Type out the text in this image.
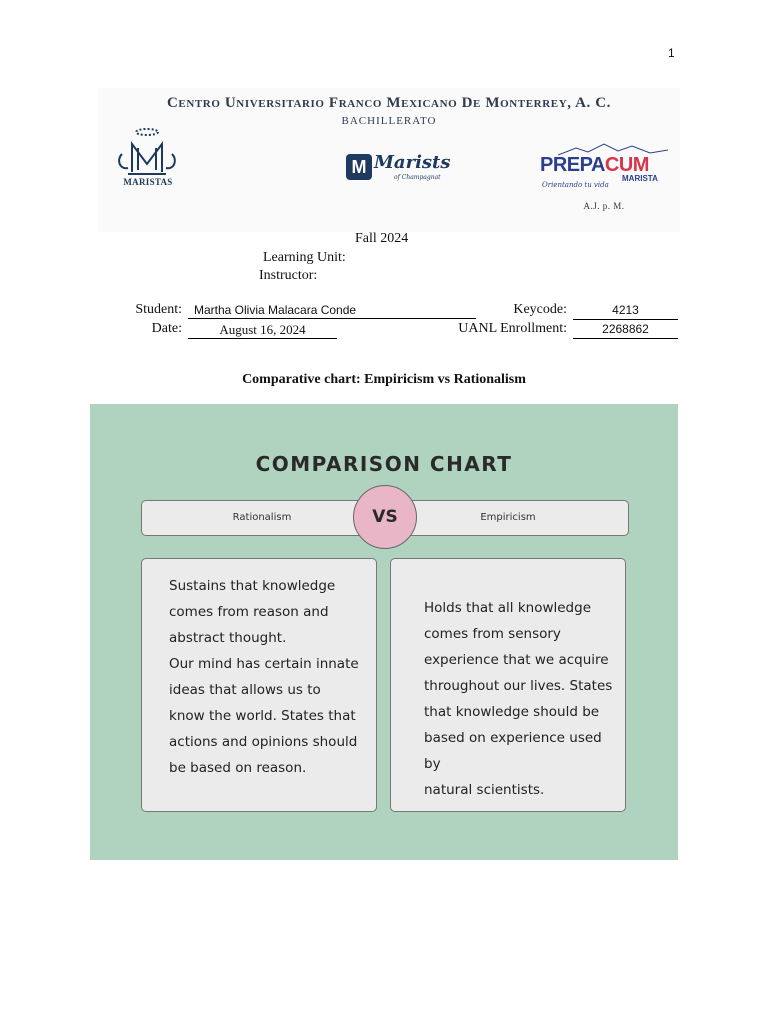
1
Centro Universitario Franco Mexicano De Monterrey, A. C.
BACHILLERATO
MARISTAS
M Marists
of Champagnat
PREPACUM
MARISTA
Orientando tu vida
A.J. p. M.
Fall 2024
Learning Unit:
Instructor:
Student:	Martha Olivia Malacara Conde	Keycode:	4213
Date:	August 16, 2024	UANL Enrollment:	2268862
Comparative chart: Empiricism vs Rationalism
COMPARISON CHART
Rationalism	Empiricism
VS

Sustains that knowledge
comes from reason and
abstract thought.
Our mind has certain innate
ideas that allows us to
know the world. States that
actions and opinions should
be based on reason.

Holds that all knowledge
comes from sensory
experience that we acquire
throughout our lives. States
that knowledge should be
based on experience used by
natural scientists.
